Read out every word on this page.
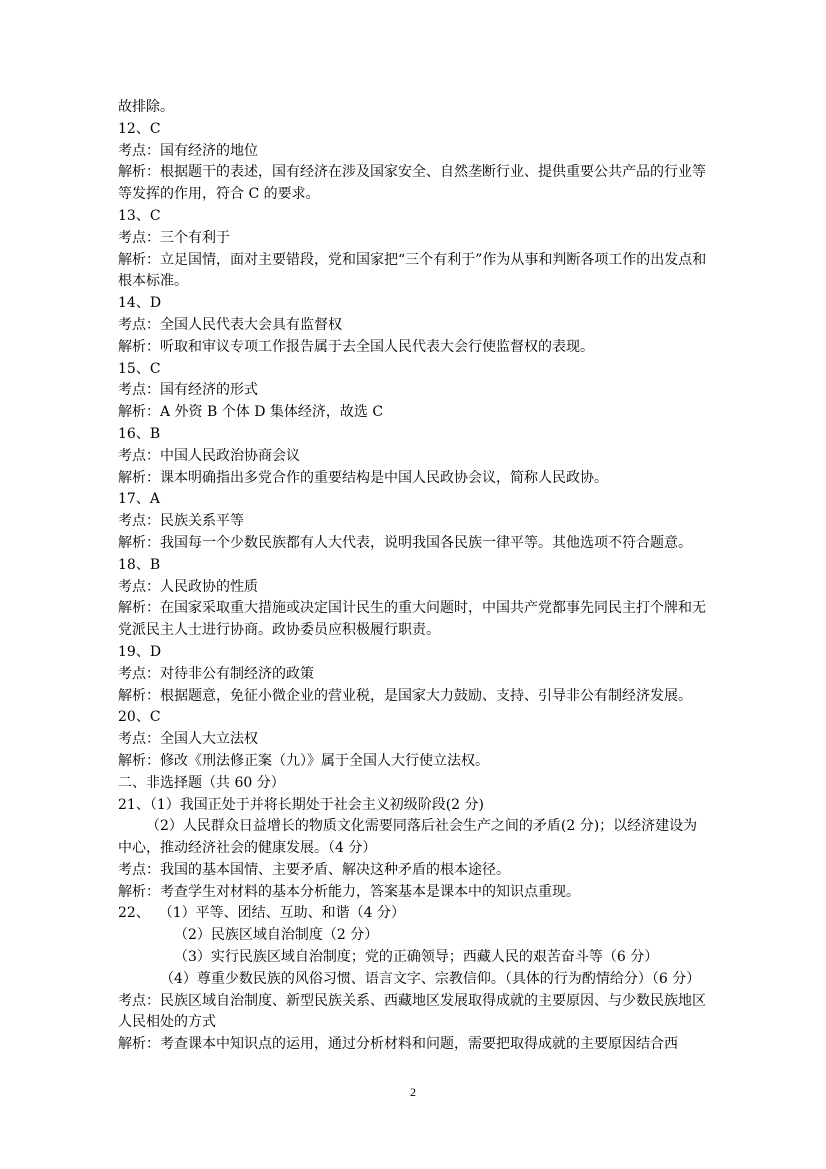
故排除。

12、C

考点：国有经济的地位

解析：根据题干的表述，国有经济在涉及国家安全、自然垄断行业、提供重要公共产品的行业等等发挥的作用，符合 C 的要求。

13、C

考点：三个有利于

解析：立足国情，面对主要错段，党和国家把“三个有利于”作为从事和判断各项工作的出发点和根本标准。

14、D

考点：全国人民代表大会具有监督权

解析：听取和审议专项工作报告属于去全国人民代表大会行使监督权的表现。

15、C

考点：国有经济的形式

解析：A 外资 B 个体 D 集体经济，故选 C

16、B

考点：中国人民政治协商会议

解析：课本明确指出多党合作的重要结构是中国人民政协会议，简称人民政协。

17、A

考点：民族关系平等

解析：我国每一个少数民族都有人大代表，说明我国各民族一律平等。其他选项不符合题意。

18、B

考点：人民政协的性质

解析：在国家采取重大措施或决定国计民生的重大问题时，中国共产党都事先同民主打个牌和无党派民主人士进行协商。政协委员应积极履行职责。

19、D

考点：对待非公有制经济的政策

解析：根据题意，免征小微企业的营业税，是国家大力鼓励、支持、引导非公有制经济发展。

20、C

考点：全国人大立法权

解析：修改《刑法修正案（九）》属于全国人大行使立法权。

二、非选择题（共 60 分）

21、（1）我国正处于并将长期处于社会主义初级阶段(2 分)

（2）人民群众日益增长的物质文化需要同落后社会生产之间的矛盾(2 分)；以经济建设为中心，推动经济社会的健康发展。（4 分）

考点：我国的基本国情、主要矛盾、解决这种矛盾的根本途径。

解析：考查学生对材料的基本分析能力，答案基本是课本中的知识点重现。

22、  （1）平等、团结、互助、和谐（4 分）

（2）民族区域自治制度（2 分）

（3）实行民族区域自治制度；党的正确领导；西藏人民的艰苦奋斗等（6 分）

（4）尊重少数民族的风俗习惯、语言文字、宗教信仰。（具体的行为酌情给分）（6 分）

考点：民族区域自治制度、新型民族关系、西藏地区发展取得成就的主要原因、与少数民族地区人民相处的方式

解析：考查课本中知识点的运用，通过分析材料和问题，需要把取得成就的主要原因结合西

2
